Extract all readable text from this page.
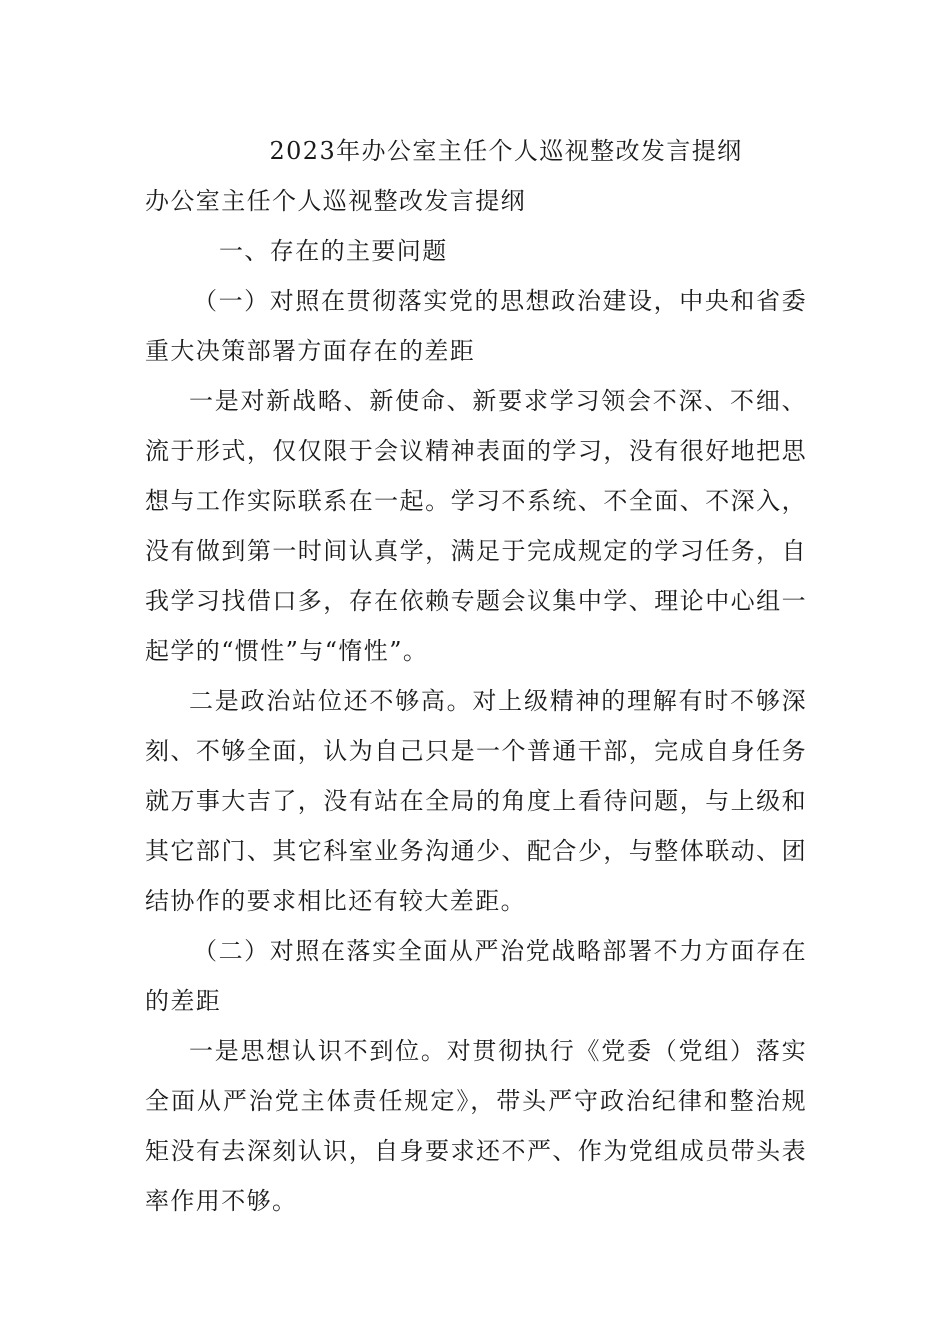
2023年办公室主任个人巡视整改发言提纲

办公室主任个人巡视整改发言提纲

一、存在的主要问题

（一）对照在贯彻落实党的思想政治建设，中央和省委重大决策部署方面存在的差距

一是对新战略、新使命、新要求学习领会不深、不细、流于形式，仅仅限于会议精神表面的学习，没有很好地把思想与工作实际联系在一起。学习不系统、不全面、不深入，没有做到第一时间认真学，满足于完成规定的学习任务，自我学习找借口多，存在依赖专题会议集中学、理论中心组一起学的“惯性”与“惰性”。

二是政治站位还不够高。对上级精神的理解有时不够深刻、不够全面，认为自己只是一个普通干部，完成自身任务就万事大吉了，没有站在全局的角度上看待问题，与上级和其它部门、其它科室业务沟通少、配合少，与整体联动、团结协作的要求相比还有较大差距。

（二）对照在落实全面从严治党战略部署不力方面存在的差距

一是思想认识不到位。对贯彻执行《党委（党组）落实全面从严治党主体责任规定》，带头严守政治纪律和整治规矩没有去深刻认识，自身要求还不严、作为党组成员带头表率作用不够。
